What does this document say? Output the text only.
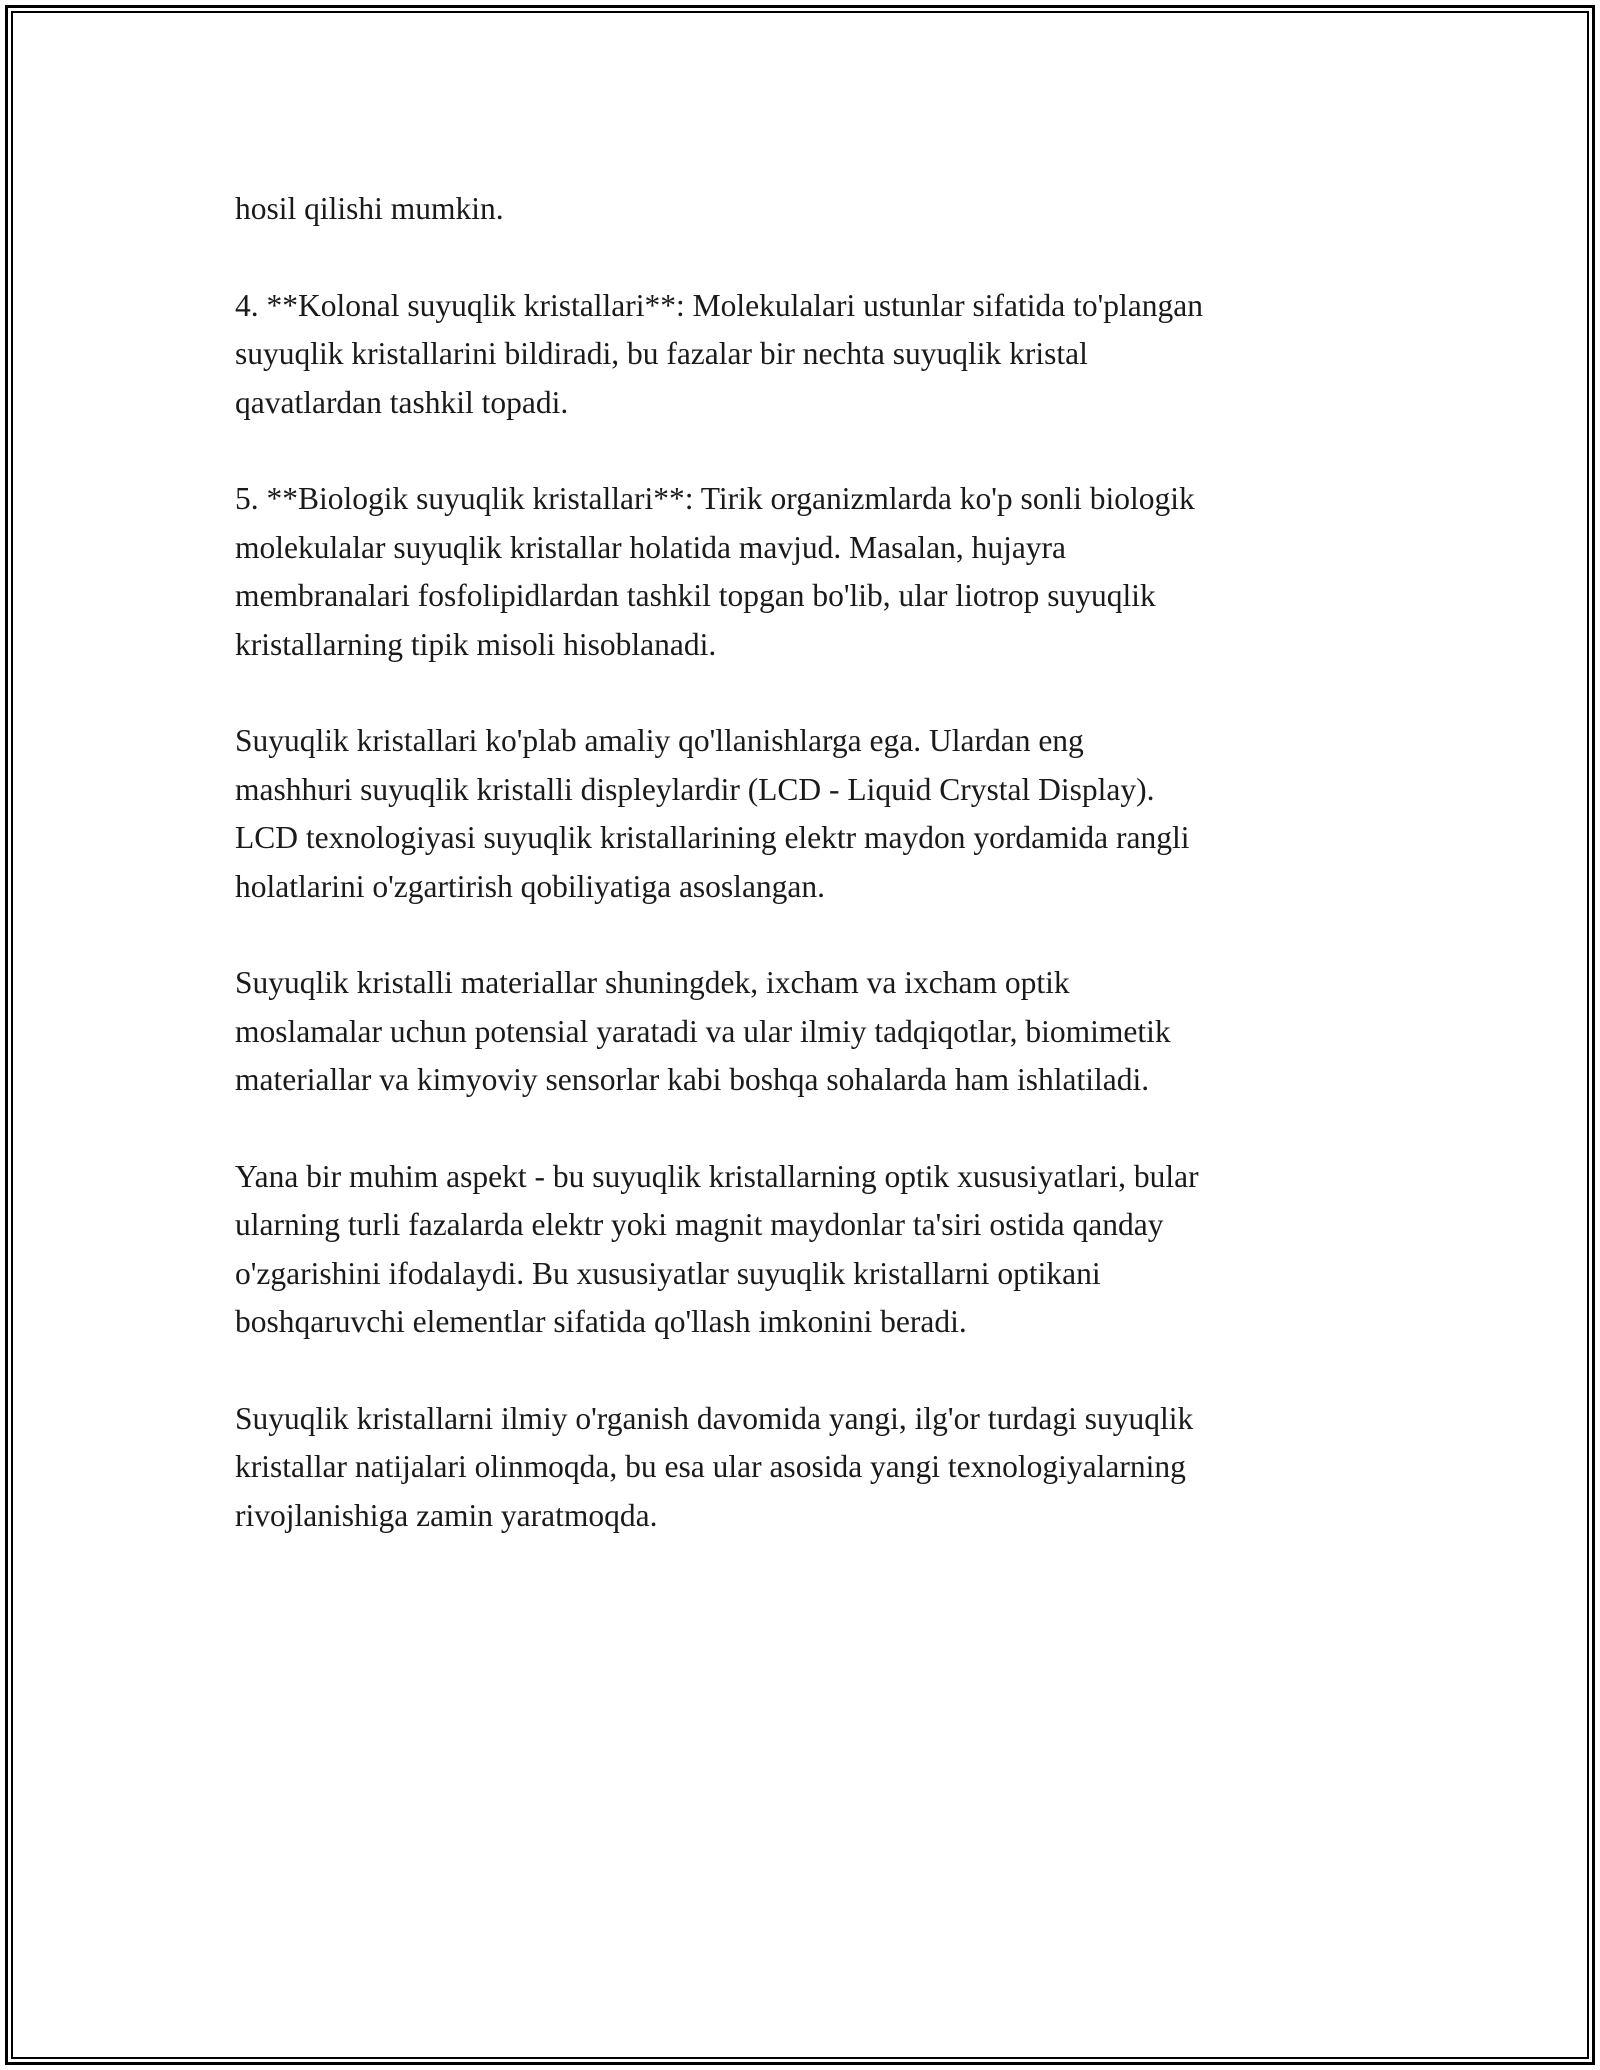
hosil qilishi mumkin.

4. **Kolonal suyuqlik kristallari**: Molekulalari ustunlar sifatida to'plangan
suyuqlik kristallarini bildiradi, bu fazalar bir nechta suyuqlik kristal
qavatlardan tashkil topadi.

5. **Biologik suyuqlik kristallari**: Tirik organizmlarda ko'p sonli biologik
molekulalar suyuqlik kristallar holatida mavjud. Masalan, hujayra
membranalari fosfolipidlardan tashkil topgan bo'lib, ular liotrop suyuqlik
kristallarning tipik misoli hisoblanadi.

Suyuqlik kristallari ko'plab amaliy qo'llanishlarga ega. Ulardan eng
mashhuri suyuqlik kristalli displeylardir (LCD - Liquid Crystal Display).
LCD texnologiyasi suyuqlik kristallarining elektr maydon yordamida rangli
holatlarini o'zgartirish qobiliyatiga asoslangan.

Suyuqlik kristalli materiallar shuningdek, ixcham va ixcham optik
moslamalar uchun potensial yaratadi va ular ilmiy tadqiqotlar, biomimetik
materiallar va kimyoviy sensorlar kabi boshqa sohalarda ham ishlatiladi.

Yana bir muhim aspekt - bu suyuqlik kristallarning optik xususiyatlari, bular
ularning turli fazalarda elektr yoki magnit maydonlar ta'siri ostida qanday
o'zgarishini ifodalaydi. Bu xususiyatlar suyuqlik kristallarni optikani
boshqaruvchi elementlar sifatida qo'llash imkonini beradi.

Suyuqlik kristallarni ilmiy o'rganish davomida yangi, ilg'or turdagi suyuqlik
kristallar natijalari olinmoqda, bu esa ular asosida yangi texnologiyalarning
rivojlanishiga zamin yaratmoqda.
